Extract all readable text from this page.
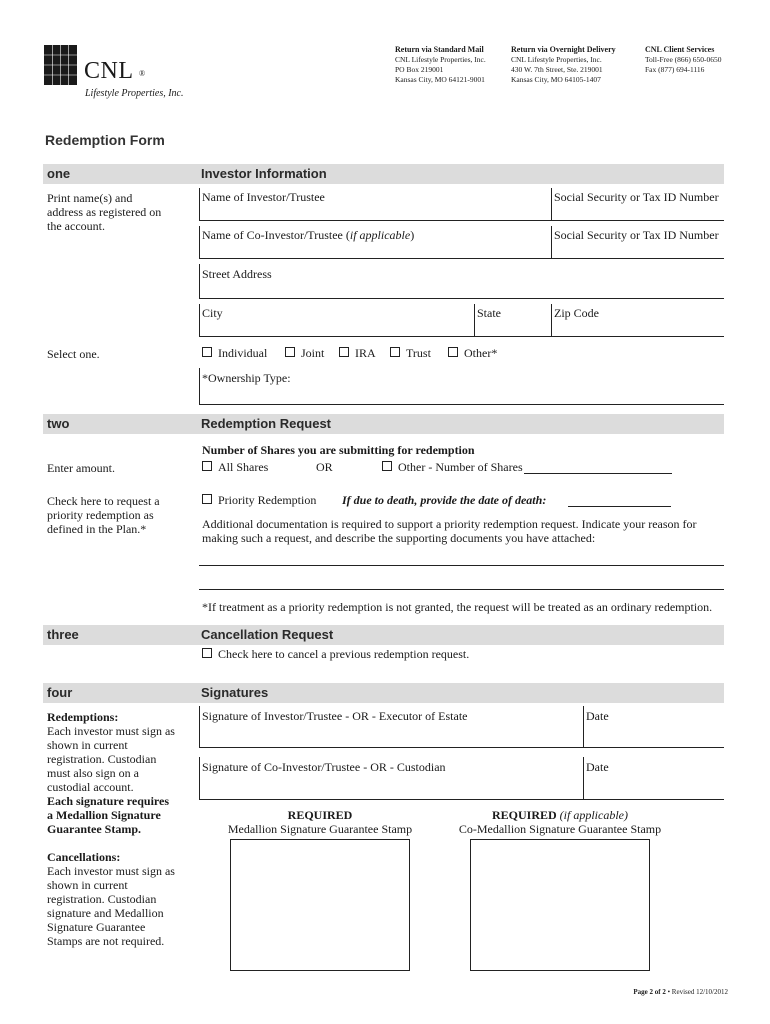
CNL ®
Lifestyle Properties, Inc.
Return via Standard Mail
CNL Lifestyle Properties, Inc.
PO Box 219001
Kansas City, MO 64121-9001
Return via Overnight Delivery
CNL Lifestyle Properties, Inc.
430 W. 7th Street, Ste. 219001
Kansas City, MO 64105-1407
CNL Client Services
Toll-Free (866) 650-0650
Fax (877) 694-1116
Redemption Form
one	Investor Information
Print name(s) and address as registered on the account.
Name of Investor/Trustee	Social Security or Tax ID Number
Name of Co-Investor/Trustee (if applicable)	Social Security or Tax ID Number
Street Address
City	State	Zip Code
Select one.	Individual	Joint	IRA	Trust	Other*
*Ownership Type:
two	Redemption Request
Number of Shares you are submitting for redemption
Enter amount.	All Shares	OR	Other - Number of Shares
Check here to request a priority redemption as defined in the Plan.*
Priority Redemption If due to death, provide the date of death:
Additional documentation is required to support a priority redemption request. Indicate your reason for making such a request, and describe the supporting documents you have attached:
*If treatment as a priority redemption is not granted, the request will be treated as an ordinary redemption.
three	Cancellation Request
Check here to cancel a previous redemption request.
four	Signatures
Redemptions:
Each investor must sign as shown in current registration. Custodian must also sign on a custodial account.
Each signature requires a Medallion Signature Guarantee Stamp.
Cancellations:
Each investor must sign as shown in current registration. Custodian signature and Medallion Signature Guarantee Stamps are not required.
Signature of Investor/Trustee - OR - Executor of Estate	Date
Signature of Co-Investor/Trustee - OR - Custodian	Date
REQUIRED
Medallion Signature Guarantee Stamp
REQUIRED (if applicable)
Co-Medallion Signature Guarantee Stamp
Page 2 of 2 • Revised 12/10/2012
